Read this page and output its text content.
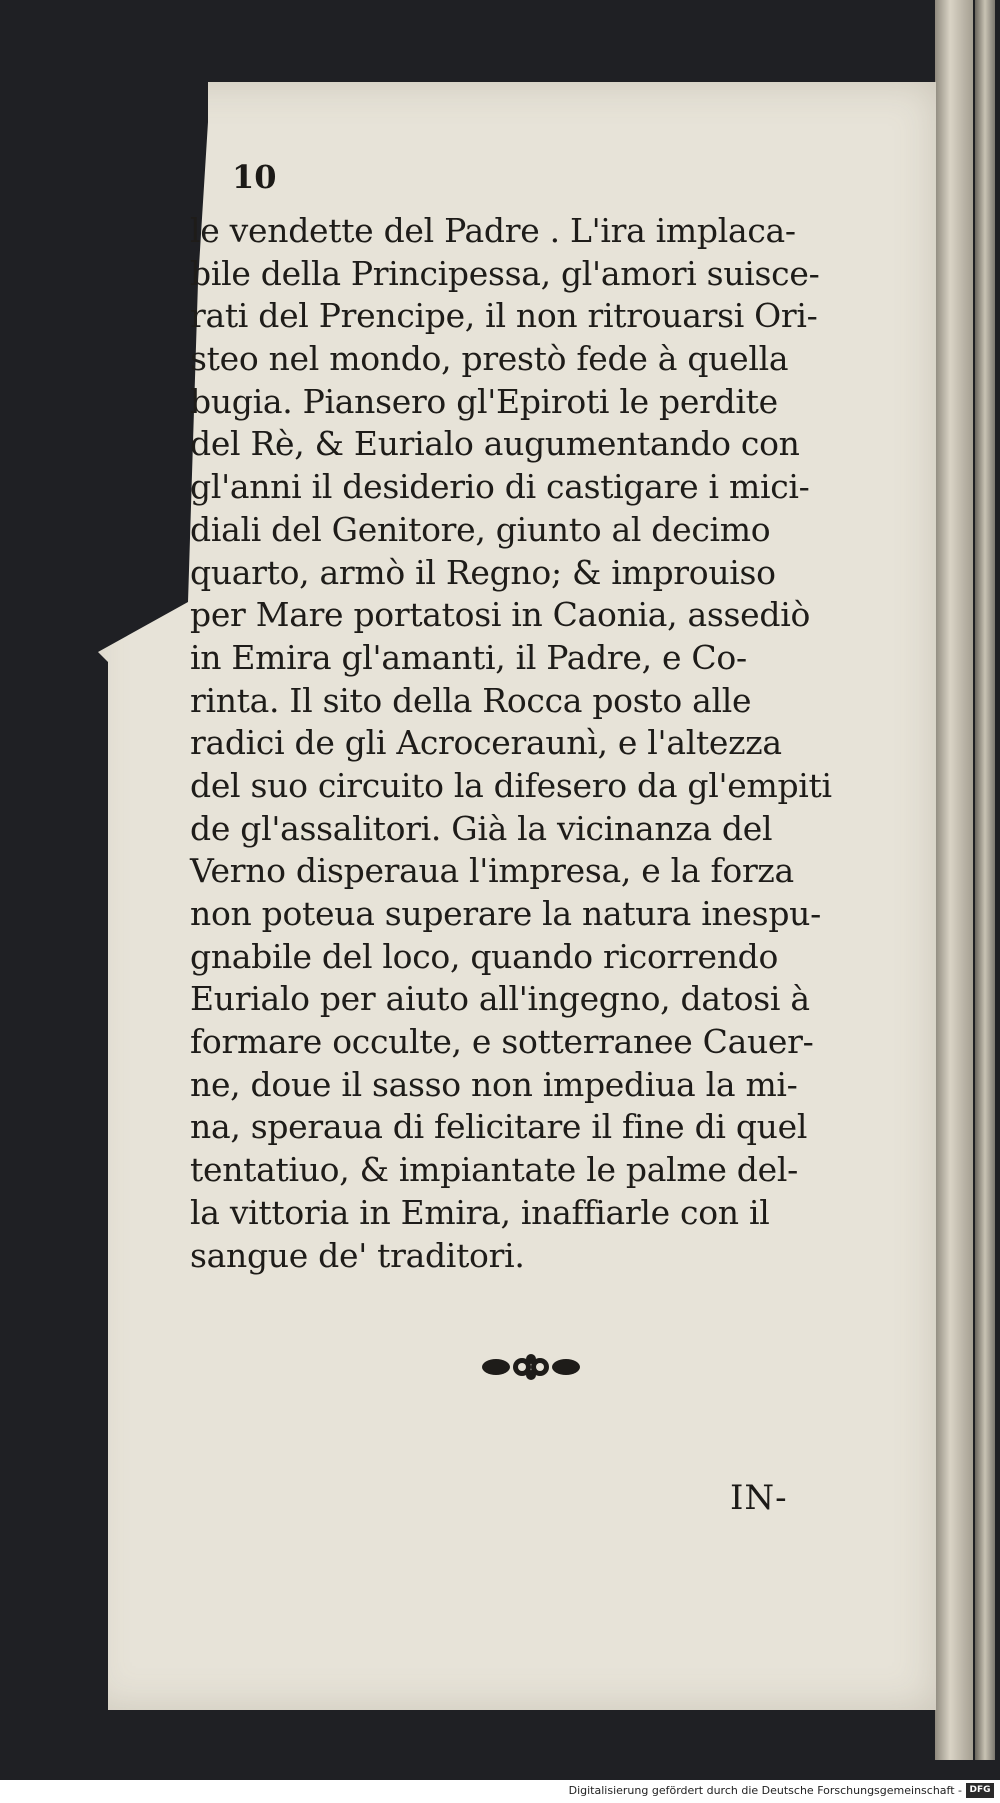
10
le vendette del Padre . L'ira implaca-
bile della Principessa, gl'amori suisce-
rati del Prencipe, il non ritrouarsi Ori-
steo nel mondo, prestò fede à quella
bugia. Piansero gl'Epiroti le perdite
del Rè, & Eurialo augumentando con
gl'anni il desiderio di castigare i mici-
diali del Genitore, giunto al decimo
quarto, armò il Regno; & improuiso
per Mare portatosi in Caonia, assediò
in Emira gl'amanti, il Padre, e Co-
rinta. Il sito della Rocca posto alle
radici de gli Acroceraunì, e l'altezza
del suo circuito la difesero da gl'empiti
de gl'assalitori. Già la vicinanza del
Verno disperaua l'impresa, e la forza
non poteua superare la natura inespu-
gnabile del loco, quando ricorrendo
Eurialo per aiuto all'ingegno, datosi à
formare occulte, e sotterranee Cauer-
ne, doue il sasso non impediua la mi-
na, speraua di felicitare il fine di quel
tentatiuo, & impiantate le palme del-
la vittoria in Emira, inaffiarle con il
sangue de' traditori.
IN-
Digitalisierung gefördert durch die Deutsche Forschungsgemeinschaft - DFG
